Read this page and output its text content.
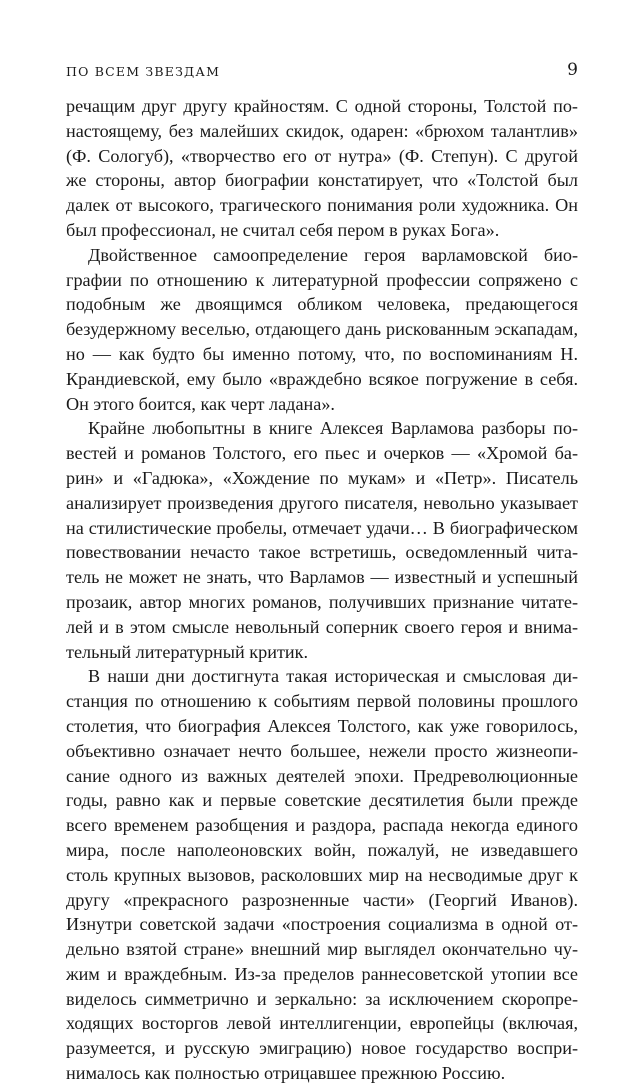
ПО ВСЕМ ЗВЕЗДАМ	9

речащим друг другу крайностям. С одной стороны, Толстой по-настоящему, без малейших скидок, одарен: «брюхом талантлив» (Ф. Сологуб), «творчество его от нутра» (Ф. Степун). С другой же стороны, автор биографии констатирует, что «Толстой был далек от высокого, трагического понимания роли художника. Он был профессионал, не считал себя пером в руках Бога».

Двойственное самоопределение героя варламовской биографии по отношению к литературной профессии сопряжено с подобным же двоящимся обликом человека, предающегося безудержному веселью, отдающего дань рискованным эскападам, но — как будто бы именно потому, что, по воспоминаниям Н. Крандиевской, ему было «враждебно всякое погружение в себя. Он этого боится, как черт ладана».

Крайне любопытны в книге Алексея Варламова разборы повестей и романов Толстого, его пьес и очерков — «Хромой барин» и «Гадюка», «Хождение по мукам» и «Петр». Писатель анализирует произведения другого писателя, невольно указывает на стилистические пробелы, отмечает удачи… В биографическом повествовании нечасто такое встретишь, осведомленный читатель не может не знать, что Варламов — известный и успешный прозаик, автор многих романов, получивших признание читателей и в этом смысле невольный соперник своего героя и внимательный литературный критик.

В наши дни достигнута такая историческая и смысловая дистанция по отношению к событиям первой половины прошлого столетия, что биография Алексея Толстого, как уже говорилось, объективно означает нечто большее, нежели просто жизнеописание одного из важных деятелей эпохи. Предреволюционные годы, равно как и первые советские десятилетия были прежде всего временем разобщения и раздора, распада некогда единого мира, после наполеоновских войн, пожалуй, не изведавшего столь крупных вызовов, расколовших мир на несводимые друг к другу «прекрасного разрозненные части» (Георгий Иванов). Изнутри советской задачи «построения социализма в одной отдельно взятой стране» внешний мир выглядел окончательно чужим и враждебным. Из-за пределов раннесоветской утопии все виделось симметрично и зеркально: за исключением скоропреходящих восторгов левой интеллигенции, европейцы (включая, разумеется, и русскую эмиграцию) новое государство воспринималось как полностью отрицавшее прежнюю Россию.
